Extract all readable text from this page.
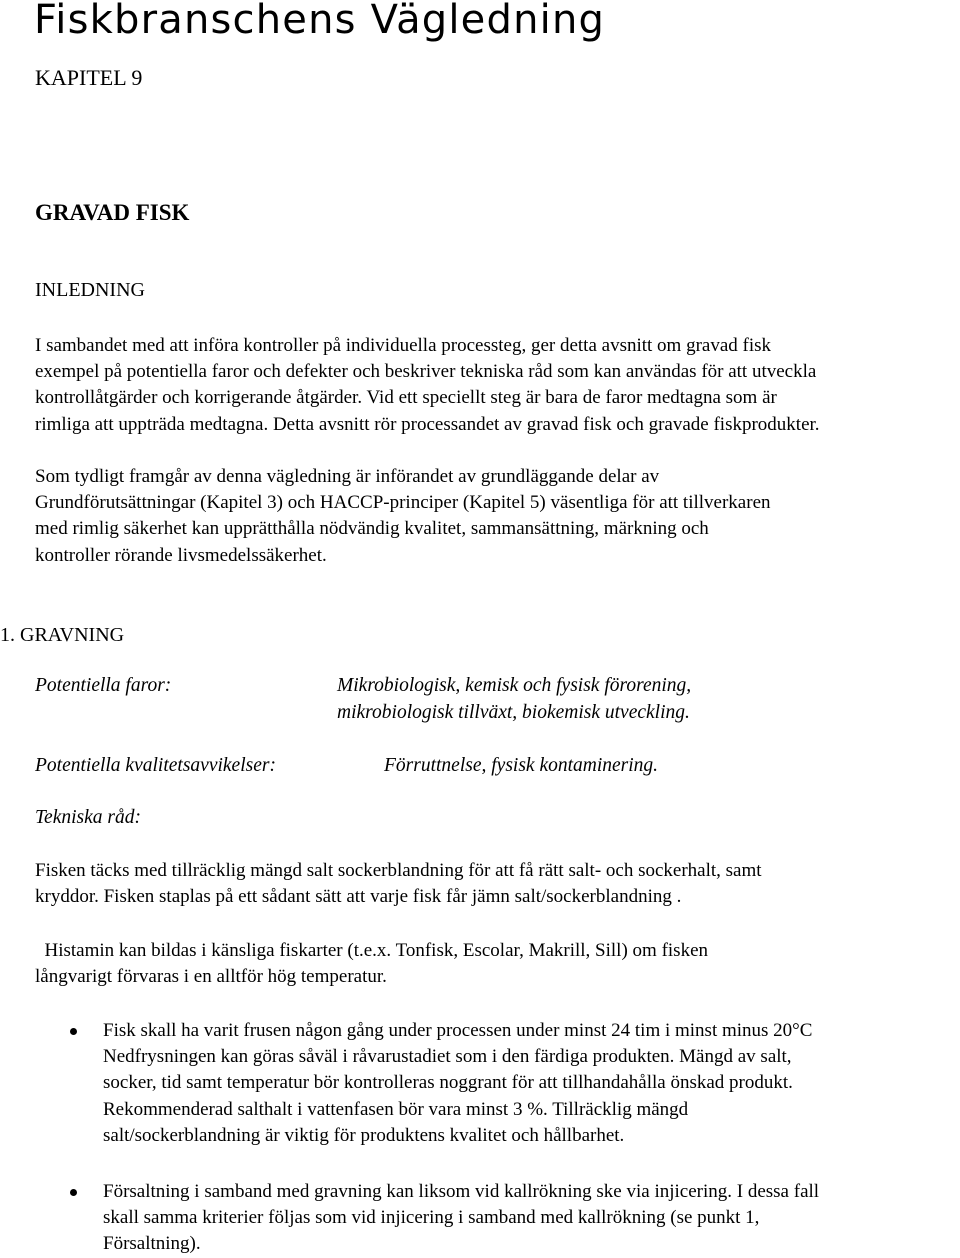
Fiskbranschens Vägledning
KAPITEL 9
GRAVAD FISK
INLEDNING

I sambandet med att införa kontroller på individuella processteg, ger detta avsnitt om gravad fisk
exempel på potentiella faror och defekter och beskriver tekniska råd som kan användas för att utveckla
kontrollåtgärder och korrigerande åtgärder. Vid ett speciellt steg är bara de faror medtagna som är
rimliga att uppträda medtagna. Detta avsnitt rör processandet av gravad fisk och gravade fiskprodukter.

Som tydligt framgår av denna vägledning är införandet av grundläggande delar av
Grundförutsättningar (Kapitel 3) och HACCP-principer (Kapitel 5) väsentliga för att tillverkaren
med rimlig säkerhet kan upprätthålla nödvändig kvalitet, sammansättning, märkning och
kontroller rörande livsmedelssäkerhet.

1. GRAVNING
Potentiella faror:	Mikrobiologisk, kemisk och fysisk förorening,
mikrobiologisk tillväxt, biokemisk utveckling.
Potentiella kvalitetsavvikelser:	Förruttnelse, fysisk kontaminering.
Tekniska råd:

Fisken täcks med tillräcklig mängd salt sockerblandning för att få rätt salt- och sockerhalt, samt
kryddor. Fisken staplas på ett sådant sätt att varje fisk får jämn salt/sockerblandning .

Histamin kan bildas i känsliga fiskarter (t.e.x. Tonfisk, Escolar, Makrill, Sill) om fisken
långvarigt förvaras i en alltför hög temperatur.

Fisk skall ha varit frusen någon gång under processen under minst 24 tim i minst minus 20°C
Nedfrysningen kan göras såväl i råvarustadiet som i den färdiga produkten. Mängd av salt,
socker, tid samt temperatur bör kontrolleras noggrant för att tillhandahålla önskad produkt.
Rekommenderad salthalt i vattenfasen bör vara minst 3 %. Tillräcklig mängd
salt/sockerblandning är viktig för produktens kvalitet och hållbarhet.
Försaltning i samband med gravning kan liksom vid kallrökning ske via injicering. I dessa fall
skall samma kriterier följas som vid injicering i samband med kallrökning (se punkt 1,
Försaltning).
